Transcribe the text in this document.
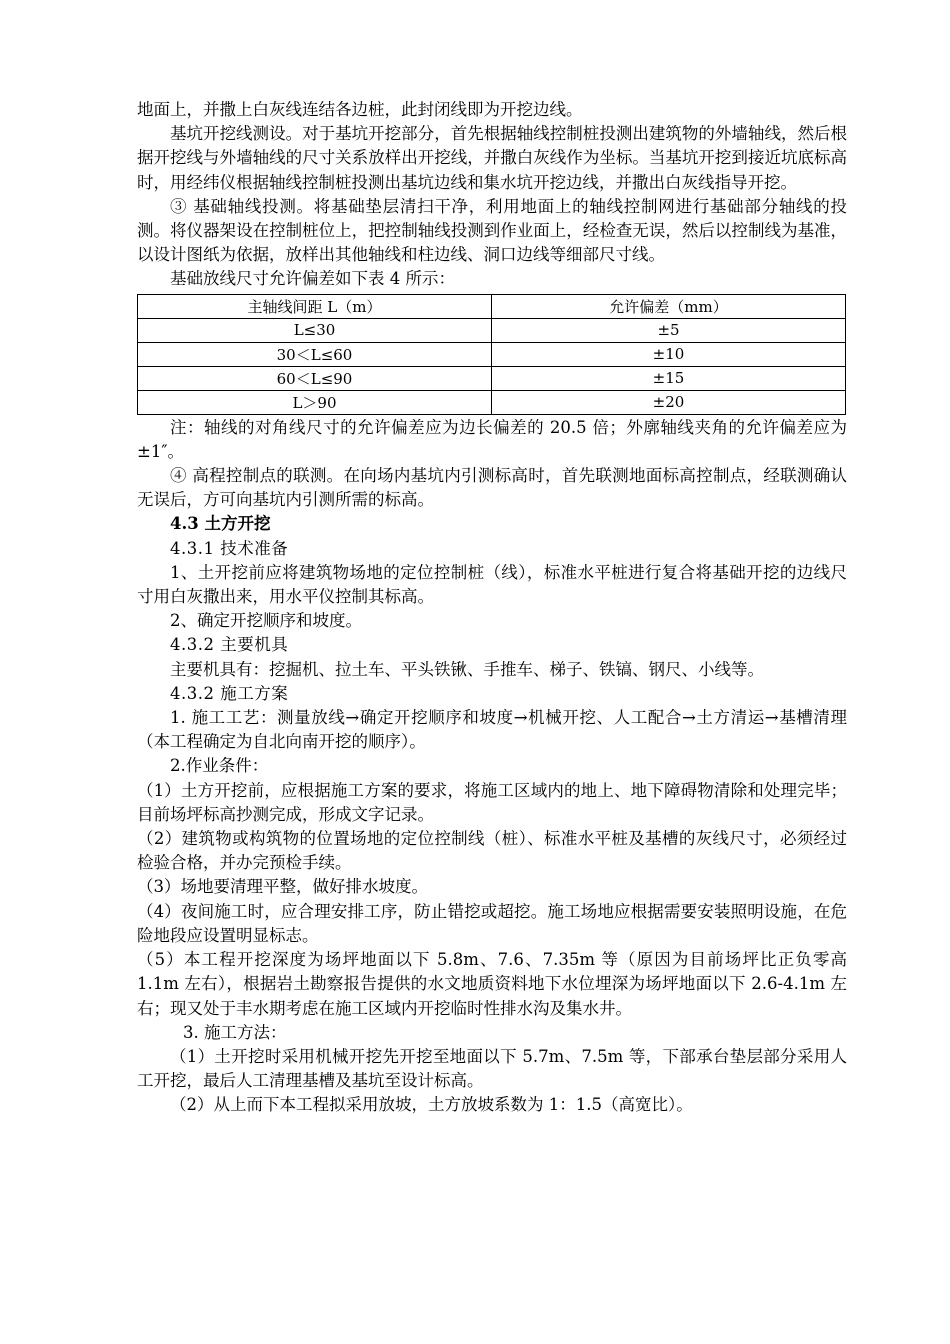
地面上，并撒上白灰线连结各边桩，此封闭线即为开挖边线。

基坑开挖线测设。对于基坑开挖部分，首先根据轴线控制桩投测出建筑物的外墙轴线，然后根据开挖线与外墙轴线的尺寸关系放样出开挖线，并撒白灰线作为坐标。当基坑开挖到接近坑底标高时，用经纬仪根据轴线控制桩投测出基坑边线和集水坑开挖边线，并撒出白灰线指导开挖。

③ 基础轴线投测。将基础垫层清扫干净，利用地面上的轴线控制网进行基础部分轴线的投测。将仪器架设在控制桩位上，把控制轴线投测到作业面上，经检查无误，然后以控制线为基准，以设计图纸为依据，放样出其他轴线和柱边线、洞口边线等细部尺寸线。

基础放线尺寸允许偏差如下表 4 所示：

主轴线间距 L（m）	允许偏差（mm）
L≤30	±5
30＜L≤60	±10
60＜L≤90	±15
L＞90	±20

注：轴线的对角线尺寸的允许偏差应为边长偏差的 20.5 倍；外廓轴线夹角的允许偏差应为±1″。

④ 高程控制点的联测。在向场内基坑内引测标高时，首先联测地面标高控制点，经联测确认无误后，方可向基坑内引测所需的标高。

4.3 土方开挖

4.3.1 技术准备

1、土开挖前应将建筑物场地的定位控制桩（线），标准水平桩进行复合将基础开挖的边线尺寸用白灰撒出来，用水平仪控制其标高。

2、确定开挖顺序和坡度。

4.3.2 主要机具

主要机具有：挖掘机、拉土车、平头铁锹、手推车、梯子、铁镐、钢尺、小线等。

4.3.2 施工方案

1. 施工工艺：测量放线→确定开挖顺序和坡度→机械开挖、人工配合→土方清运→基槽清理（本工程确定为自北向南开挖的顺序）。

2.作业条件：

（1）土方开挖前，应根据施工方案的要求，将施工区域内的地上、地下障碍物清除和处理完毕；目前场坪标高抄测完成，形成文字记录。

（2）建筑物或构筑物的位置场地的定位控制线（桩）、标准水平桩及基槽的灰线尺寸，必须经过检验合格，并办完预检手续。

（3）场地要清理平整，做好排水坡度。

（4）夜间施工时，应合理安排工序，防止错挖或超挖。施工场地应根据需要安装照明设施，在危险地段应设置明显标志。

（5）本工程开挖深度为场坪地面以下 5.8m、7.6、7.35m 等（原因为目前场坪比正负零高 1.1m 左右），根据岩土勘察报告提供的水文地质资料地下水位埋深为场坪地面以下 2.6-4.1m 左右；现又处于丰水期考虑在施工区域内开挖临时性排水沟及集水井。

3. 施工方法：

（1）土开挖时采用机械开挖先开挖至地面以下 5.7m、7.5m 等，下部承台垫层部分采用人工开挖，最后人工清理基槽及基坑至设计标高。

（2）从上而下本工程拟采用放坡，土方放坡系数为 1：1.5（高宽比）。
